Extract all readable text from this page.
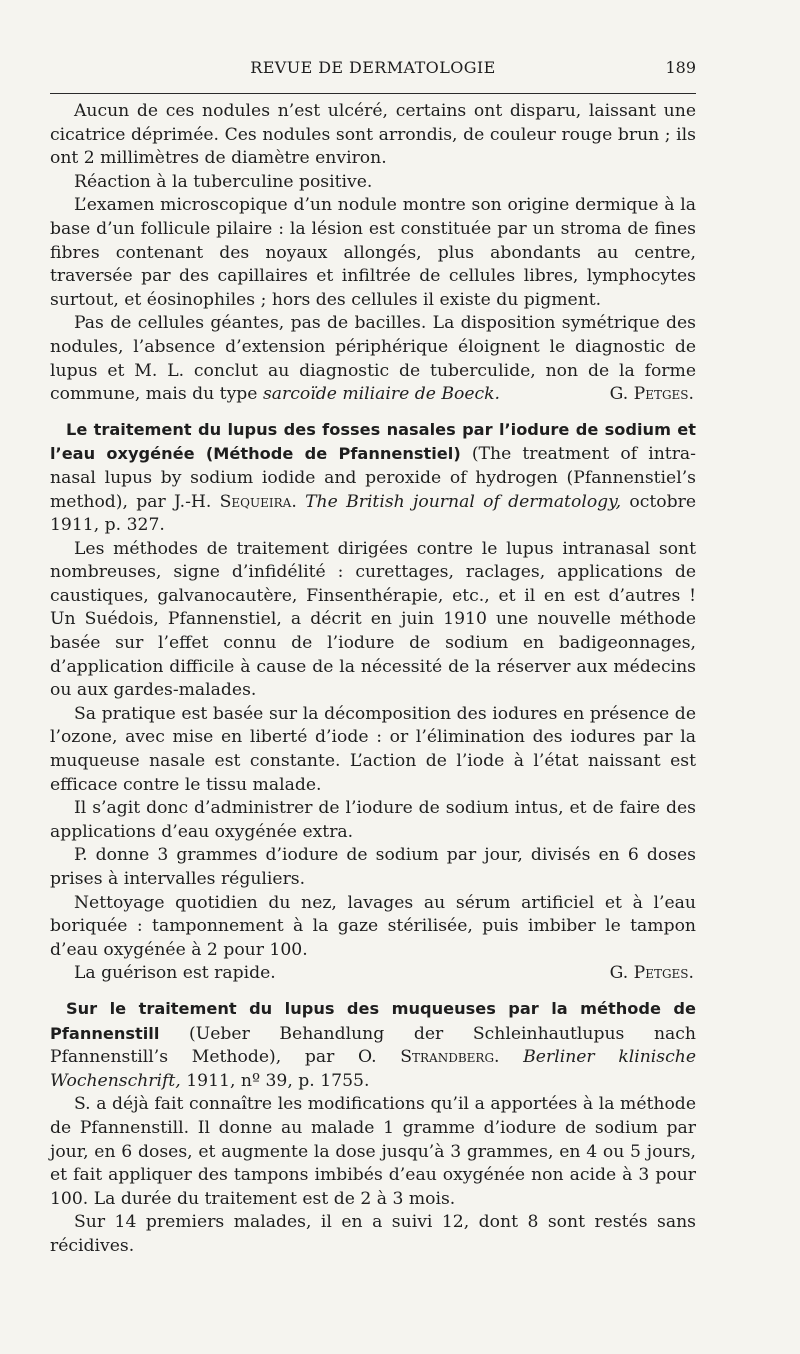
REVUE DE DERMATOLOGIE	189

Aucun de ces nodules n’est ulcéré, certains ont disparu, laissant une cicatrice déprimée. Ces nodules sont arrondis, de couleur rouge brun ; ils ont 2 millimètres de diamètre environ.

Réaction à la tuberculine positive.

L’examen microscopique d’un nodule montre son origine dermique à la base d’un follicule pilaire : la lésion est constituée par un stroma de fines fibres contenant des noyaux allongés, plus abondants au centre, traversée par des capillaires et infiltrée de cellules libres, lymphocytes surtout, et éosinophiles ; hors des cellules il existe du pigment.

Pas de cellules géantes, pas de bacilles. La disposition symétrique des nodules, l’absence d’extension périphérique éloignent le diagnostic de lupus et M. L. conclut au diagnostic de tuberculide, non de la forme commune, mais du type sarcoïde miliaire de Boeck.	G. Petges.

Le traitement du lupus des fosses nasales par l’iodure de sodium et l’eau oxygénée (Méthode de Pfannenstiel) (The treatment of intra-nasal lupus by sodium iodide and peroxide of hydrogen (Pfannenstiel’s method), par J.-H. Sequeira. The British journal of dermatology, octobre 1911, p. 327.

Les méthodes de traitement dirigées contre le lupus intranasal sont nombreuses, signe d’infidélité : curettages, raclages, applications de caustiques, galvanocautère, Finsenthérapie, etc., et il en est d’autres ! Un Suédois, Pfannenstiel, a décrit en juin 1910 une nouvelle méthode basée sur l’effet connu de l’iodure de sodium en badigeonnages, d’application difficile à cause de la nécessité de la réserver aux médecins ou aux gardes-malades.

Sa pratique est basée sur la décomposition des iodures en présence de l’ozone, avec mise en liberté d’iode : or l’élimination des iodures par la muqueuse nasale est constante. L’action de l’iode à l’état naissant est efficace contre le tissu malade.

Il s’agit donc d’administrer de l’iodure de sodium intus, et de faire des applications d’eau oxygénée extra.

P. donne 3 grammes d’iodure de sodium par jour, divisés en 6 doses prises à intervalles réguliers.

Nettoyage quotidien du nez, lavages au sérum artificiel et à l’eau boriquée : tamponnement à la gaze stérilisée, puis imbiber le tampon d’eau oxygénée à 2 pour 100.

La guérison est rapide.	G. Petges.

Sur le traitement du lupus des muqueuses par la méthode de Pfannenstill (Ueber Behandlung der Schleinhautlupus nach Pfannenstill’s Methode), par O. Strandberg. Berliner klinische Wochenschrift, 1911, nº 39, p. 1755.

S. a déjà fait connaître les modifications qu’il a apportées à la méthode de Pfannenstill. Il donne au malade 1 gramme d’iodure de sodium par jour, en 6 doses, et augmente la dose jusqu’à 3 grammes, en 4 ou 5 jours, et fait appliquer des tampons imbibés d’eau oxygénée non acide à 3 pour 100. La durée du traitement est de 2 à 3 mois.

Sur 14 premiers malades, il en a suivi 12, dont 8 sont restés sans récidives.
